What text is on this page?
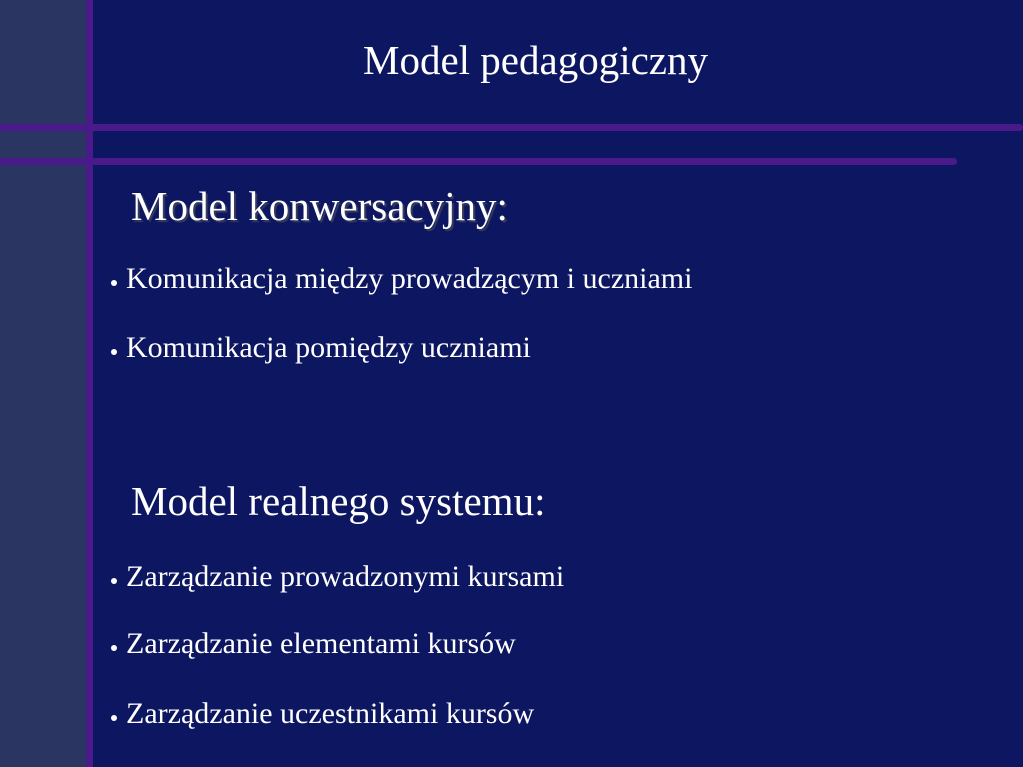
Model pedagogiczny
Model konwersacyjny:
Komunikacja między prowadzącym i uczniami
Komunikacja pomiędzy uczniami
Model realnego systemu:
Zarządzanie prowadzonymi kursami
Zarządzanie elementami kursów
Zarządzanie uczestnikami kursów
